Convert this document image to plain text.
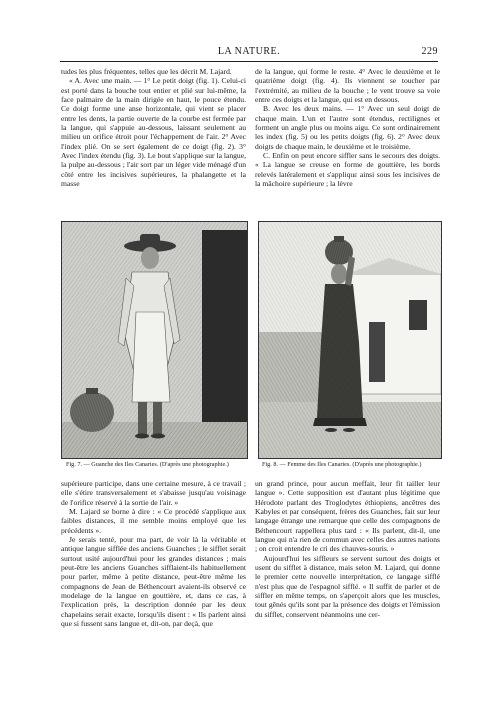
LA NATURE.	229

tudes les plus fréquentes, telles que les décrit M. Lajard.

« A. Avec une main. — 1° Le petit doigt (fig. 1). Celui-ci est porté dans la bouche tout entier et plié sur lui-même, la face palmaire de la main dirigée en haut, le pouce étendu. Ce doigt forme une anse horizontale, qui vient se placer entre les dents, la partie ouverte de la courbe est fermée par la langue, qui s'appuie au-dessous, laissant seulement au milieu un orifice étroit pour l'échappement de l'air. 2° Avec l'index plié. On se sert également de ce doigt (fig. 2). 3° Avec l'index étendu (fig. 3). Le bout s'applique sur la langue, la pulpe au-dessous ; l'air sort par un léger vide ménagé d'un côté entre les incisives supérieures, la phalangette et la masse

de la langue, qui forme le reste. 4° Avec le deuxième et le quatrième doigt (fig. 4). Ils viennent se toucher par l'extrémité, au milieu de la bouche ; le vent trouve sa voie entre ces doigts et la langue, qui est en dessous.

B. Avec les deux mains. — 1° Avec un seul doigt de chaque main. L'un et l'autre sont étendus, rectilignes et forment un angle plus ou moins aigu. Ce sont ordinairement les index (fig. 5) ou les petits doigts (fig. 6). 2° Avec deux doigts de chaque main, le deuxième et le troisième.

C. Enfin on peut encore siffler sans le secours des doigts. « La langue se creuse en forme de gouttière, les bords relevés latéralement et s'appliquε ainsi sous les incisives de la mâchoire supérieure ; la lèvre

Fig. 7. — Guanche des Iles Canaries. (D'après une photographie.)	Fig. 8. — Femme des Iles Canaries. (D'après une photographie.)

supérieure participe, dans une certaine mesure, à ce travail ; elle s'étire transversalement et s'abaisse jusqu'au voisinage de l'orifice réservé à la sortie de l'air. »

M. Lajard se borne à dire : « Ce procédé s'applique aux faibles distances, il me semble moins employé que les précédents ».

Je serais tenté, pour ma part, de voir là la véritable et antique langue sifflée des anciens Guanches ; le sifflet serait surtout usité aujourd'hui pour les grandes distances ; mais peut-être les anciens Guanches sifflaient-ils habituellement pour parler, même à petite distance, peut-être même les compagnons de Jean de Béthencourt avaient-ils observé ce modelage de la langue en gouttière, et, dans ce cas, à l'explication près, la description donnée par les deux chapelains serait exacte, lorsqu'ils disent : « Ils parlent ainsi que si fussent sans langue et, dit-on, par deçà, que

un grand prince, pour aucun meffait, leur fit tailler leur langue ». Cette supposition est d'autant plus légitime que Hérodote parlant des Troglodytes éthiopiens, ancêtres des Kabyles et par conséquent, frères des Guanches, fait sur leur langage étrange une remarque que celle des compagnons de Béthencourt rappellera plus tard : « Ils parlent, dit-il, une langue qui n'a rien de commun avec celles des autres nations ; on croit entendre le cri des chauves-souris. »

Aujourd'hui les siffleurs se servent surtout des doigts et usent du sifflet à distance, mais selon M. Lajard, qui donne le premier cette nouvelle interprétation, ce langage sifflé n'est plus que de l'espagnol sifflé. « Il suffit de parler et de siffler en même temps, on s'aperçoit alors que les muscles, tout gênés qu'ils sont par la présence des doigts et l'émission du sifflet, conservent néanmoins une cer-
